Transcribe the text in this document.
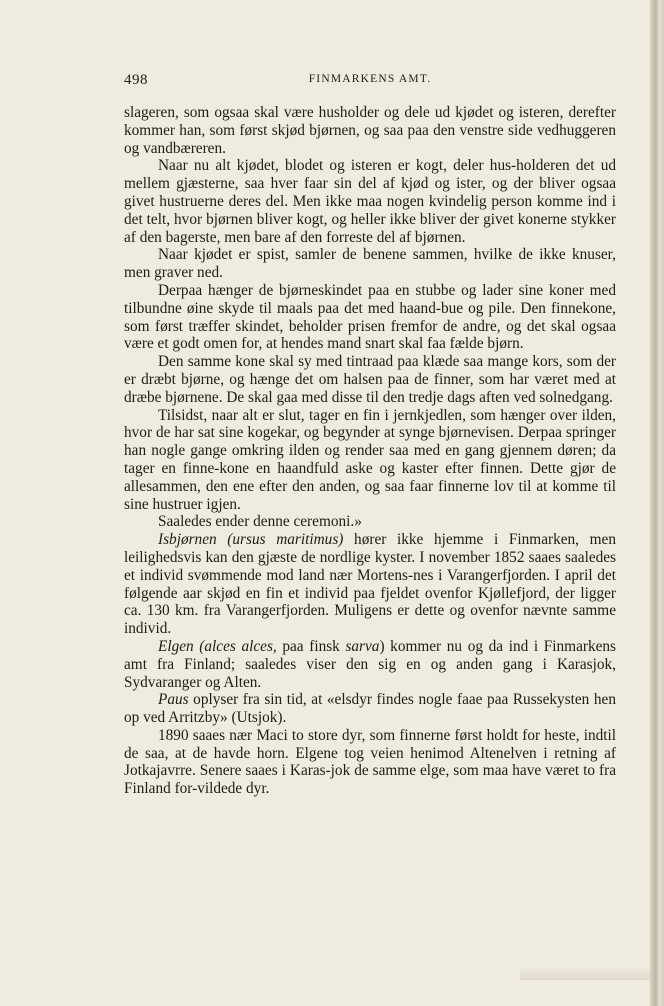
498	FINMARKENS AMT.

slageren, som ogsaa skal være husholder og dele ud kjødet og isteren, derefter kommer han, som først skjød bjørnen, og saa paa den venstre side vedhuggeren og vandbæreren.

Naar nu alt kjødet, blodet og isteren er kogt, deler hus-holderen det ud mellem gjæsterne, saa hver faar sin del af kjød og ister, og der bliver ogsaa givet hustruerne deres del. Men ikke maa nogen kvindelig person komme ind i det telt, hvor bjørnen bliver kogt, og heller ikke bliver der givet konerne stykker af den bagerste, men bare af den forreste del af bjørnen.

Naar kjødet er spist, samler de benene sammen, hvilke de ikke knuser, men graver ned.

Derpaa hænger de bjørneskindet paa en stubbe og lader sine koner med tilbundne øine skyde til maals paa det med haand-bue og pile. Den finnekone, som først træffer skindet, beholder prisen fremfor de andre, og det skal ogsaa være et godt omen for, at hendes mand snart skal faa fælde bjørn.

Den samme kone skal sy med tintraad paa klæde saa mange kors, som der er dræbt bjørne, og hænge det om halsen paa de finner, som har været med at dræbe bjørnene. De skal gaa med disse til den tredje dags aften ved solnedgang.

Tilsidst, naar alt er slut, tager en fin i jernkjedlen, som hænger over ilden, hvor de har sat sine kogekar, og begynder at synge bjørnevisen. Derpaa springer han nogle gange omkring ilden og render saa med en gang gjennem døren; da tager en finne-kone en haandfuld aske og kaster efter finnen. Dette gjør de allesammen, den ene efter den anden, og saa faar finnerne lov til at komme til sine hustruer igjen.

Saaledes ender denne ceremoni.»

Isbjørnen (ursus maritimus) hører ikke hjemme i Finmarken, men leilighedsvis kan den gjæste de nordlige kyster. I november 1852 saaes saaledes et individ svømmende mod land nær Mortens-nes i Varangerfjorden. I april det følgende aar skjød en fin et individ paa fjeldet ovenfor Kjøllefjord, der ligger ca. 130 km. fra Varangerfjorden. Muligens er dette og ovenfor nævnte samme individ.

Elgen (alces alces, paa finsk sarva) kommer nu og da ind i Finmarkens amt fra Finland; saaledes viser den sig en og anden gang i Karasjok, Sydvaranger og Alten.

Paus oplyser fra sin tid, at «elsdyr findes nogle faae paa Russekysten hen op ved Arritzby» (Utsjok).

1890 saaes nær Maci to store dyr, som finnerne først holdt for heste, indtil de saa, at de havde horn. Elgene tog veien henimod Altenelven i retning af Jotkajavrre. Senere saaes i Karas-jok de samme elge, som maa have været to fra Finland for-vildede dyr.
